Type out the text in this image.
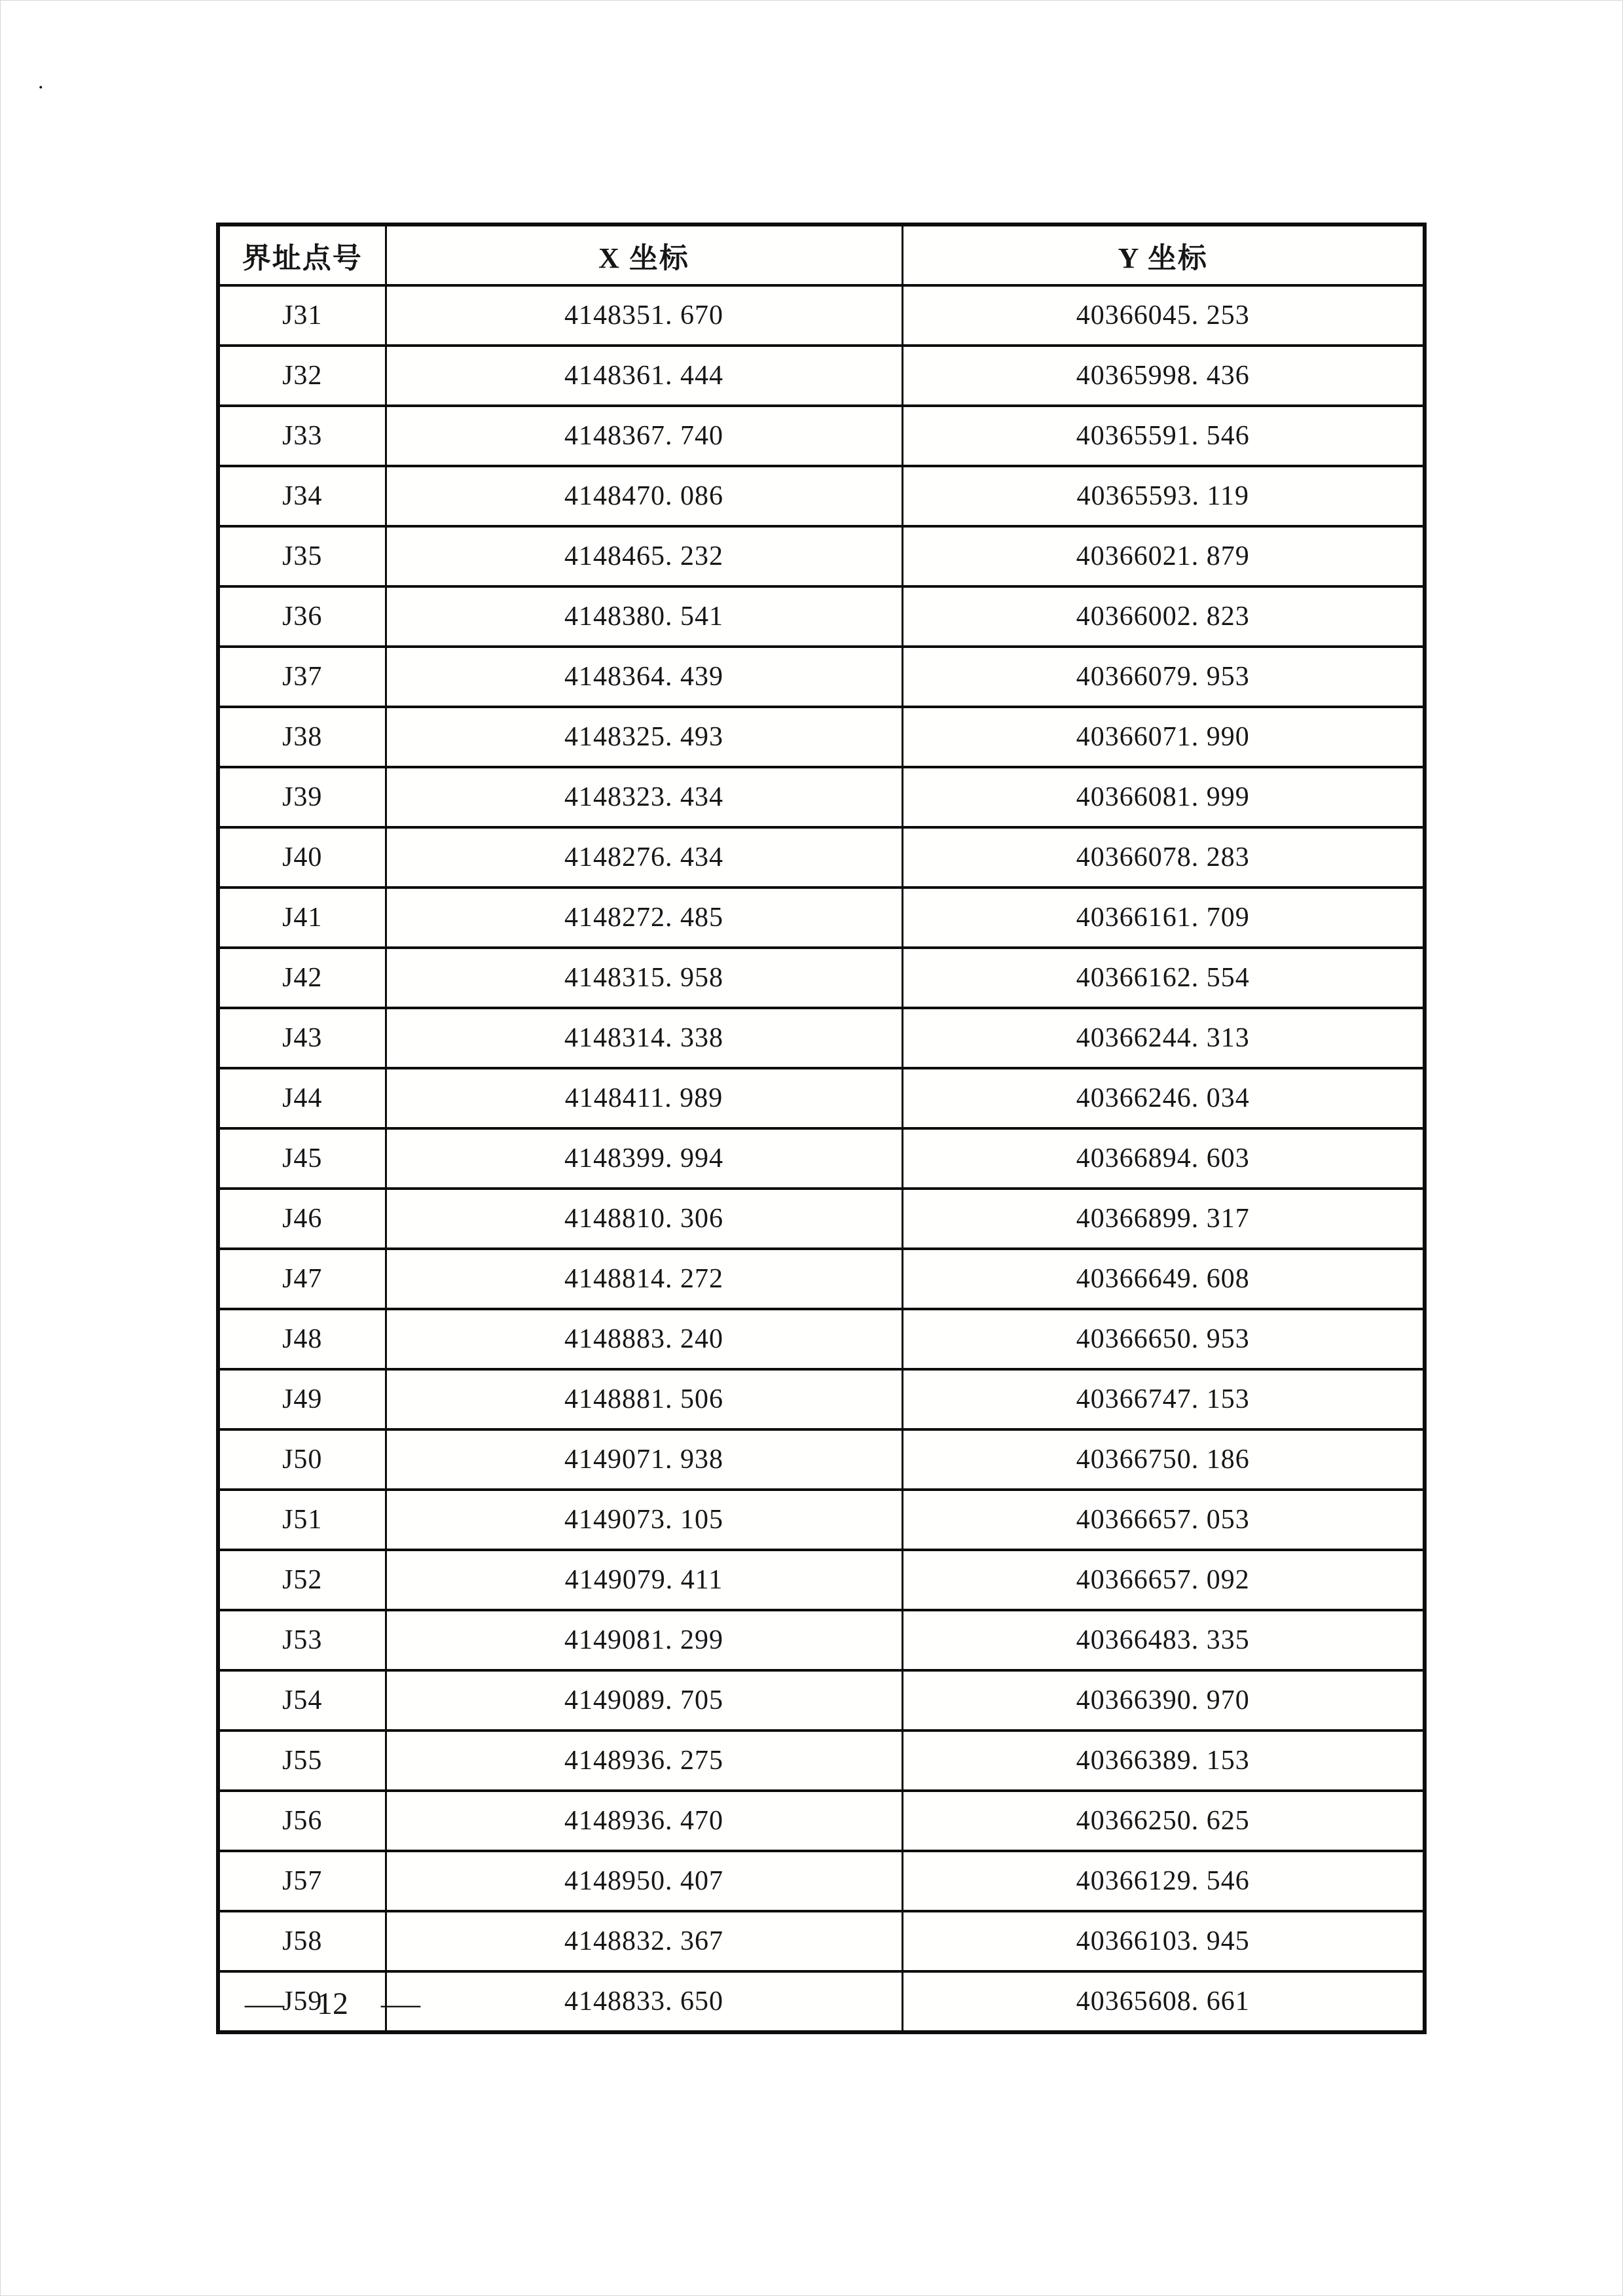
.
界址点号	X 坐标	Y 坐标
J31	4148351. 670	40366045. 253
J32	4148361. 444	40365998. 436
J33	4148367. 740	40365591. 546
J34	4148470. 086	40365593. 119
J35	4148465. 232	40366021. 879
J36	4148380. 541	40366002. 823
J37	4148364. 439	40366079. 953
J38	4148325. 493	40366071. 990
J39	4148323. 434	40366081. 999
J40	4148276. 434	40366078. 283
J41	4148272. 485	40366161. 709
J42	4148315. 958	40366162. 554
J43	4148314. 338	40366244. 313
J44	4148411. 989	40366246. 034
J45	4148399. 994	40366894. 603
J46	4148810. 306	40366899. 317
J47	4148814. 272	40366649. 608
J48	4148883. 240	40366650. 953
J49	4148881. 506	40366747. 153
J50	4149071. 938	40366750. 186
J51	4149073. 105	40366657. 053
J52	4149079. 411	40366657. 092
J53	4149081. 299	40366483. 335
J54	4149089. 705	40366390. 970
J55	4148936. 275	40366389. 153
J56	4148936. 470	40366250. 625
J57	4148950. 407	40366129. 546
J58	4148832. 367	40366103. 945
J59	4148833. 650	40365608. 661
— 12 —
